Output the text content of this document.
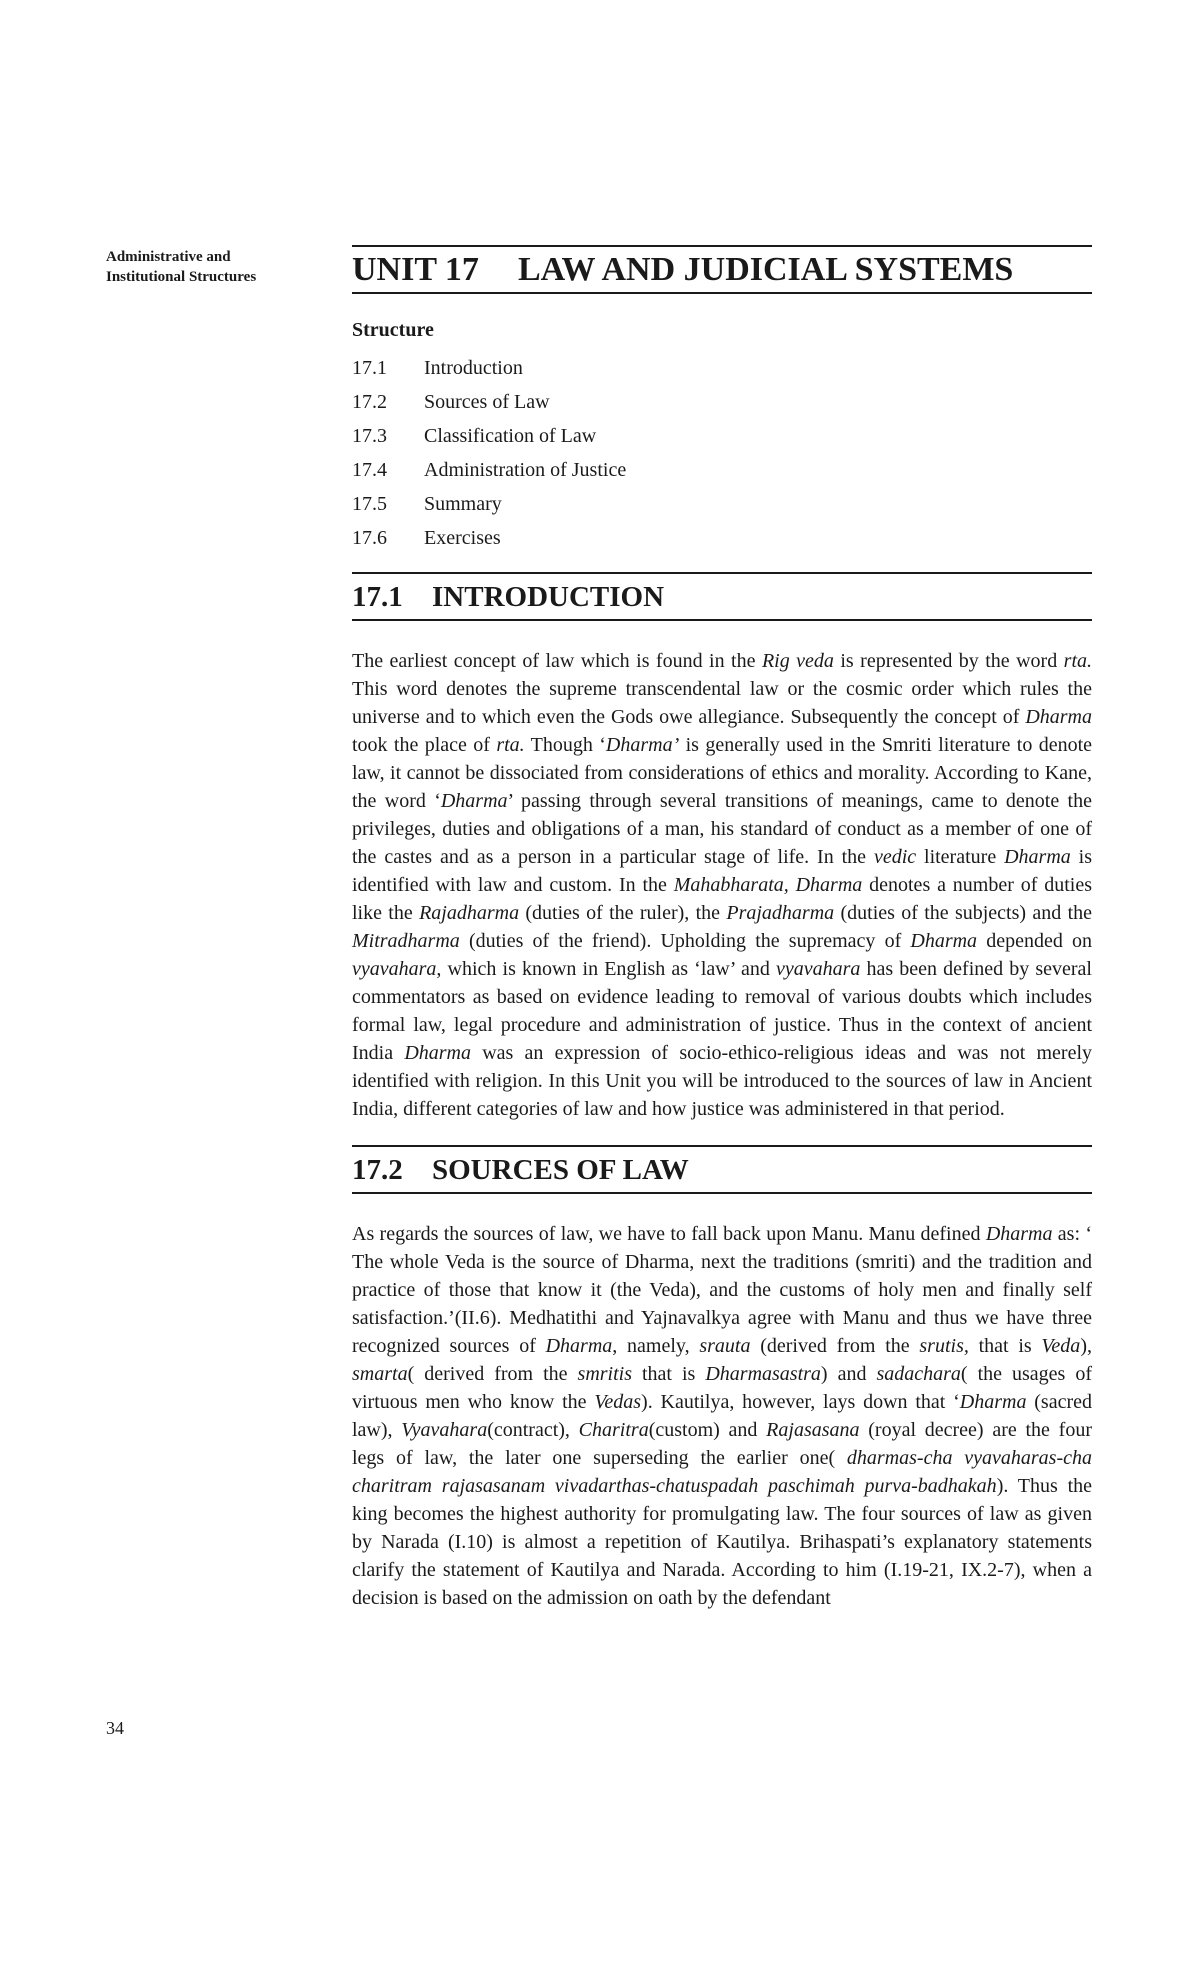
Administrative and
Institutional Structures	UNIT 17	LAW AND JUDICIAL SYSTEMS
Structure
17.1	Introduction
17.2	Sources of Law
17.3	Classification of Law
17.4	Administration of Justice
17.5	Summary
17.6	Exercises
17.1	INTRODUCTION

The earliest concept of law which is found in the Rig veda is represented by the word rta. This word denotes the supreme transcendental law or the cosmic order which rules the universe and to which even the Gods owe allegiance. Subsequently the concept of Dharma took the place of rta. Though ‘Dharma’ is generally used in the Smriti literature to denote law, it cannot be dissociated from considerations of ethics and morality. According to Kane, the word ‘Dharma’ passing through several transitions of meanings, came to denote the privileges, duties and obligations of a man, his standard of conduct as a member of one of the castes and as a person in a particular stage of life. In the vedic literature Dharma is identified with law and custom. In the Mahabharata, Dharma denotes a number of duties like the Rajadharma (duties of the ruler), the Prajadharma (duties of the subjects) and the Mitradharma (duties of the friend). Upholding the supremacy of Dharma depended on vyavahara, which is known in English as ‘law’ and vyavahara has been defined by several commentators as based on evidence leading to removal of various doubts which includes formal law, legal procedure and administration of justice. Thus in the context of ancient India Dharma was an expression of socio-ethico-religious ideas and was not merely identified with religion. In this Unit you will be introduced to the sources of law in Ancient India, different categories of law and how justice was administered in that period.

17.2	SOURCES OF LAW

As regards the sources of law, we have to fall back upon Manu. Manu defined Dharma as: ‘ The whole Veda is the source of Dharma, next the traditions (smriti) and the tradition and practice of those that know it (the Veda), and the customs of holy men and finally self satisfaction.’(II.6). Medhatithi and Yajnavalkya agree with Manu and thus we have three recognized sources of Dharma, namely, srauta (derived from the srutis, that is Veda), smarta( derived from the smritis that is Dharmasastra) and sadachara( the usages of virtuous men who know the Vedas). Kautilya, however, lays down that ‘Dharma (sacred law), Vyavahara(contract), Charitra(custom) and Rajasasana (royal decree) are the four legs of law, the later one superseding the earlier one( dharmas-cha vyavaharas-cha charitram rajasasanam vivadarthas-chatuspadah paschimah purva-badhakah). Thus the king becomes the highest authority for promulgating law. The four sources of law as given by Narada (I.10) is almost a repetition of Kautilya. Brihaspati’s explanatory statements clarify the statement of Kautilya and Narada. According to him (I.19-21, IX.2-7), when a decision is based on the admission on oath by the defendant

34
